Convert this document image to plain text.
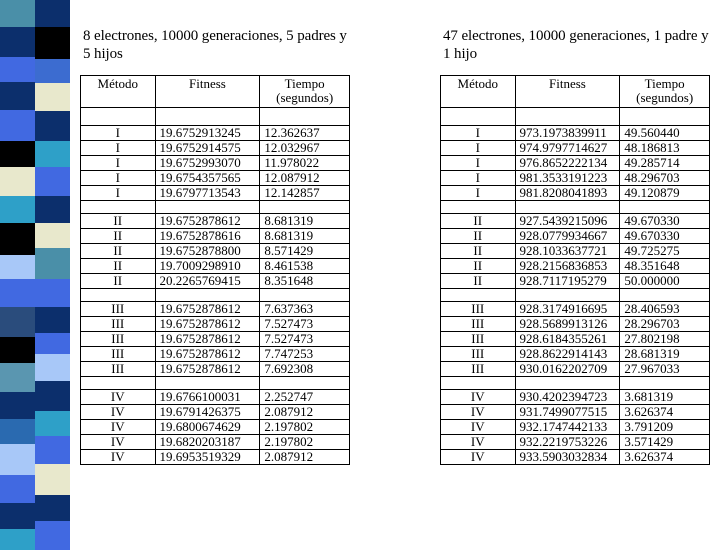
8 electrones, 10000 generaciones, 5 padres y
5 hijos
Método	Fitness	Tiempo
(segundos)

I	19.6752913245	12.362637
I	19.6752914575	12.032967
I	19.6752993070	11.978022
I	19.6754357565	12.087912
I	19.6797713543	12.142857

II	19.6752878612	8.681319
II	19.6752878616	8.681319
II	19.6752878800	8.571429
II	19.7009298910	8.461538
II	20.2265769415	8.351648

III	19.6752878612	7.637363
III	19.6752878612	7.527473
III	19.6752878612	7.527473
III	19.6752878612	7.747253
III	19.6752878612	7.692308

IV	19.6766100031	2.252747
IV	19.6791426375	2.087912
IV	19.6800674629	2.197802
IV	19.6820203187	2.197802
IV	19.6953519329	2.087912
47 electrones, 10000 generaciones, 1 padre y
1 hijo
Método	Fitness	Tiempo
(segundos)

I	973.1973839911	49.560440
I	974.9797714627	48.186813
I	976.8652222134	49.285714
I	981.3533191223	48.296703
I	981.8208041893	49.120879

II	927.5439215096	49.670330
II	928.0779934667	49.670330
II	928.1033637721	49.725275
II	928.2156836853	48.351648
II	928.7117195279	50.000000

III	928.3174916695	28.406593
III	928.5689913126	28.296703
III	928.6184355261	27.802198
III	928.8622914143	28.681319
III	930.0162202709	27.967033

IV	930.4202394723	3.681319
IV	931.7499077515	3.626374
IV	932.1747442133	3.791209
IV	932.2219753226	3.571429
IV	933.5903032834	3.626374
